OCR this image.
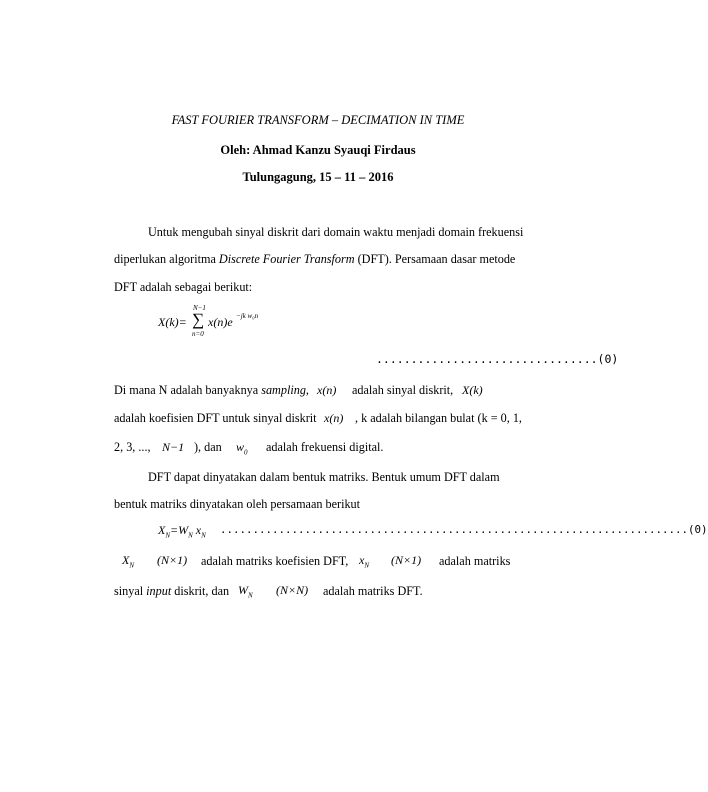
FAST FOURIER TRANSFORM – DECIMATION IN TIME
Oleh: Ahmad Kanzu Syauqi Firdaus
Tulungagung, 15 – 11 – 2016
Untuk mengubah sinyal diskrit dari domain waktu menjadi domain frekuensi
diperlukan algoritma Discrete Fourier Transform (DFT). Persamaan dasar metode
DFT adalah sebagai berikut:
X(k)=
N−1
∑
n=0
x(n)e −jk w₀n
................................(0)
Di mana N adalah banyaknya sampling, x(n) adalah sinyal diskrit, X(k)
adalah koefisien DFT untuk sinyal diskrit x(n) , k adalah bilangan bulat (k = 0, 1,
2, 3, ..., N−1 ), dan $w_0$ adalah frekuensi digital.
DFT dapat dinyatakan dalam bentuk matriks. Bentuk umum DFT dalam
bentuk matriks dinyatakan oleh persamaan berikut
$X_N=W_N$ $x_N$ ........................................................................(0)
$X_N$ (N×1) adalah matriks koefisien DFT, $x_N$ (N×1) adalah matriks
sinyal input diskrit, dan $W_N$ (N×N) adalah matriks DFT.
